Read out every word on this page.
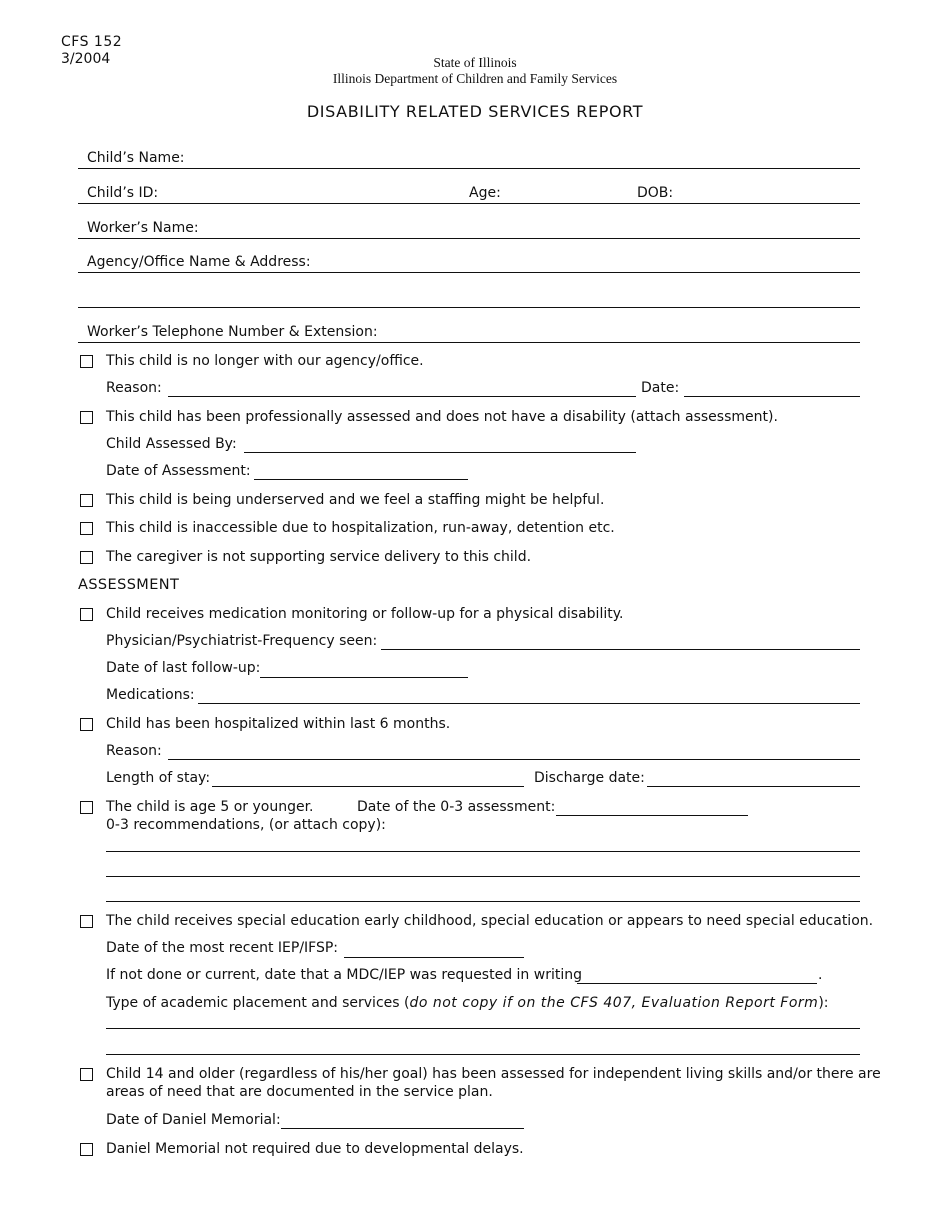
CFS 152
3/2004	State of Illinois
Illinois Department of Children and Family Services
DISABILITY RELATED SERVICES REPORT
Child’s Name:
Child’s ID:	Age:	DOB:
Worker’s Name:
Agency/Office Name & Address:
Worker’s Telephone Number & Extension:
This child is no longer with our agency/office.
Reason:	Date:
This child has been professionally assessed and does not have a disability (attach assessment).
Child Assessed By:
Date of Assessment:
This child is being underserved and we feel a staffing might be helpful.
This child is inaccessible due to hospitalization, run-away, detention etc.
The caregiver is not supporting service delivery to this child.
ASSESSMENT
Child receives medication monitoring or follow-up for a physical disability.
Physician/Psychiatrist-Frequency seen:
Date of last follow-up:
Medications:
Child has been hospitalized within last 6 months.
Reason:
Length of stay:	Discharge date:
The child is age 5 or younger.	Date of the 0-3 assessment:
0-3 recommendations, (or attach copy):
The child receives special education early childhood, special education or appears to need special education.
Date of the most recent IEP/IFSP:
If not done or current, date that a MDC/IEP was requested in writing	.
Type of academic placement and services (do not copy if on the CFS 407, Evaluation Report Form):
Child 14 and older (regardless of his/her goal) has been assessed for independent living skills and/or there are
areas of need that are documented in the service plan.
Date of Daniel Memorial:
Daniel Memorial not required due to developmental delays.
